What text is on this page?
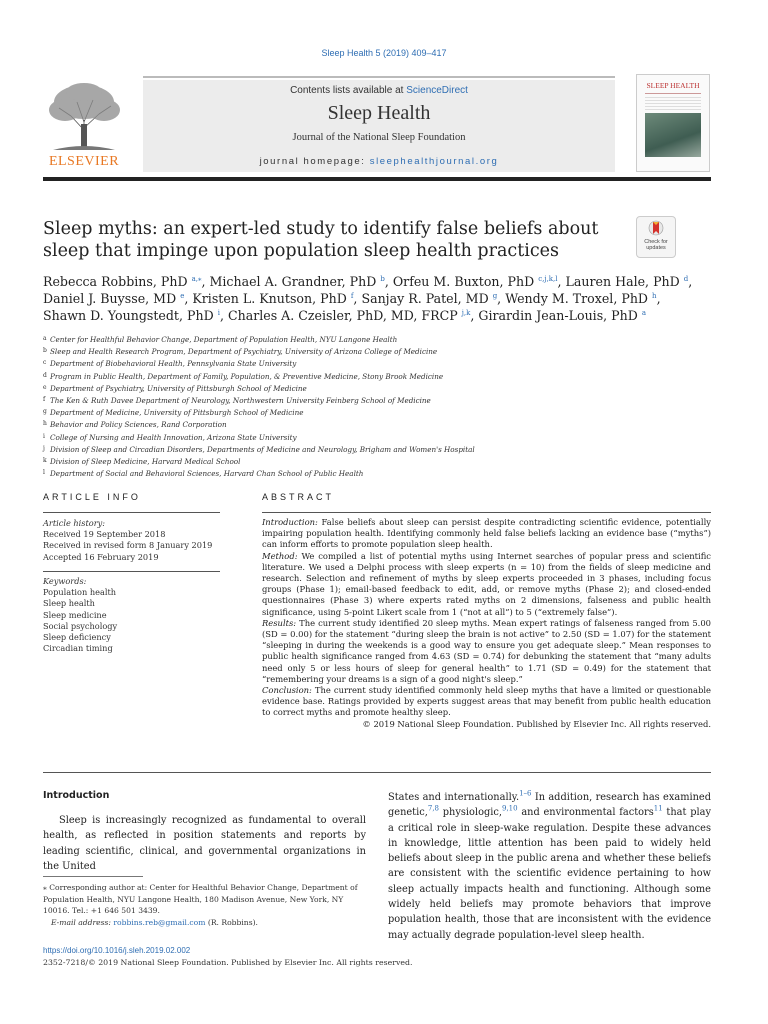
Sleep Health 5 (2019) 409–417
ELSEVIER
Contents lists available at ScienceDirect
Sleep Health
Journal of the National Sleep Foundation
journal homepage: sleephealthjournal.org
SLEEP HEALTH
Sleep myths: an expert-led study to identify false beliefs about sleep that impinge upon population sleep health practices	Check for updates
Rebecca Robbins, PhD $^{a,⁎}$, Michael A. Grandner, PhD $^b$, Orfeu M. Buxton, PhD $^{c,j,k,l}$, Lauren Hale, PhD $^d$,
Daniel J. Buysse, MD $^e$, Kristen L. Knutson, PhD $^f$, Sanjay R. Patel, MD $^g$, Wendy M. Troxel, PhD $^h$,
Shawn D. Youngstedt, PhD $^i$, Charles A. Czeisler, PhD, MD, FRCP $^{j,k}$, Girardin Jean-Louis, PhD $^a$
a Center for Healthful Behavior Change, Department of Population Health, NYU Langone Health
b Sleep and Health Research Program, Department of Psychiatry, University of Arizona College of Medicine
c Department of Biobehavioral Health, Pennsylvania State University
d Program in Public Health, Department of Family, Population, & Preventive Medicine, Stony Brook Medicine
e Department of Psychiatry, University of Pittsburgh School of Medicine
f The Ken & Ruth Davee Department of Neurology, Northwestern University Feinberg School of Medicine
g Department of Medicine, University of Pittsburgh School of Medicine
h Behavior and Policy Sciences, Rand Corporation
i College of Nursing and Health Innovation, Arizona State University
j Division of Sleep and Circadian Disorders, Departments of Medicine and Neurology, Brigham and Women's Hospital
k Division of Sleep Medicine, Harvard Medical School
l Department of Social and Behavioral Sciences, Harvard Chan School of Public Health
ARTICLE INFO	ABSTRACT
Article history:
Received 19 September 2018
Received in revised form 8 January 2019
Accepted 16 February 2019
Keywords:
Population health
Sleep health
Sleep medicine
Social psychology
Sleep deficiency
Circadian timing

Introduction: False beliefs about sleep can persist despite contradicting scientific evidence, potentially impairing population health. Identifying commonly held false beliefs lacking an evidence base (“myths”) can inform efforts to promote population sleep health.

Method: We compiled a list of potential myths using Internet searches of popular press and scientific literature. We used a Delphi process with sleep experts (n = 10) from the fields of sleep medicine and research. Selection and refinement of myths by sleep experts proceeded in 3 phases, including focus groups (Phase 1); email-based feedback to edit, add, or remove myths (Phase 2); and closed-ended questionnaires (Phase 3) where experts rated myths on 2 dimensions, falseness and public health significance, using 5-point Likert scale from 1 (“not at all”) to 5 (“extremely false”).

Results: The current study identified 20 sleep myths. Mean expert ratings of falseness ranged from 5.00 (SD = 0.00) for the statement “during sleep the brain is not active” to 2.50 (SD = 1.07) for the statement “sleeping in during the weekends is a good way to ensure you get adequate sleep.” Mean responses to public health significance ranged from 4.63 (SD = 0.74) for debunking the statement that “many adults need only 5 or less hours of sleep for general health” to 1.71 (SD = 0.49) for the statement that “remembering your dreams is a sign of a good night's sleep.”

Conclusion: The current study identified commonly held sleep myths that have a limited or questionable evidence base. Ratings provided by experts suggest areas that may benefit from public health education to correct myths and promote healthy sleep.

© 2019 National Sleep Foundation. Published by Elsevier Inc. All rights reserved.

Introduction
Sleep is increasingly recognized as fundamental to overall health, as reflected in position statements and reports by leading scientific, clinical, and governmental organizations in the United
States and internationally.$^{1-6}$ In addition, research has examined genetic,$^{7,8}$ physiologic,$^{9,10}$ and environmental factors$^{11}$ that play a critical role in sleep-wake regulation. Despite these advances in knowledge, little attention has been paid to widely held beliefs about sleep in the public arena and whether these beliefs are consistent with the scientific evidence pertaining to how sleep actually impacts health and functioning. Although some widely held beliefs may promote behaviors that improve population health, those that are inconsistent with the evidence may actually degrade population-level sleep health.
⁎ Corresponding author at: Center for Healthful Behavior Change, Department of Population Health, NYU Langone Health, 180 Madison Avenue, New York, NY 10016. Tel.: +1 646 501 3439.
E-mail address: robbins.reb@gmail.com (R. Robbins).
https://doi.org/10.1016/j.sleh.2019.02.002
2352-7218/© 2019 National Sleep Foundation. Published by Elsevier Inc. All rights reserved.
